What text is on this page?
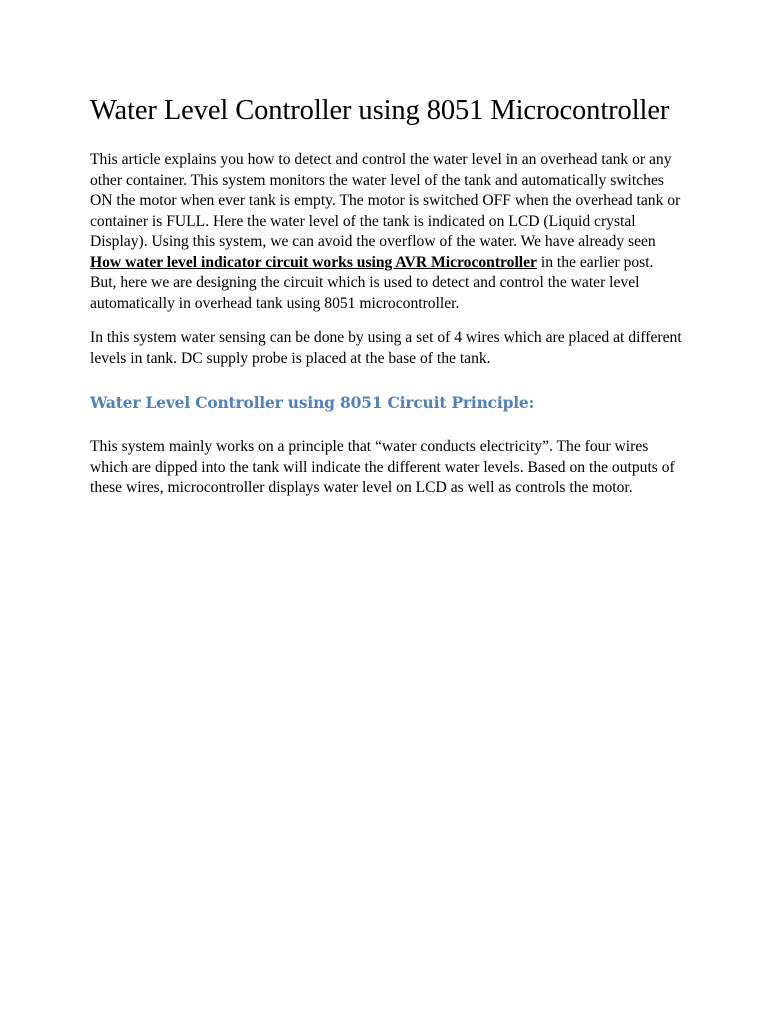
Water Level Controller using 8051 Microcontroller

This article explains you how to detect and control the water level in an overhead tank or any other container. This system monitors the water level of the tank and automatically switches ON the motor when ever tank is empty. The motor is switched OFF when the overhead tank or container is FULL. Here the water level of the tank is indicated on LCD (Liquid crystal Display). Using this system, we can avoid the overflow of the water. We have already seen How water level indicator circuit works using AVR Microcontroller in the earlier post. But, here we are designing the circuit which is used to detect and control the water level automatically in overhead tank using 8051 microcontroller.

In this system water sensing can be done by using a set of 4 wires which are placed at different levels in tank. DC supply probe is placed at the base of the tank.

Water Level Controller using 8051 Circuit Principle:

This system mainly works on a principle that “water conducts electricity”. The four wires which are dipped into the tank will indicate the different water levels. Based on the outputs of these wires, microcontroller displays water level on LCD as well as controls the motor.
